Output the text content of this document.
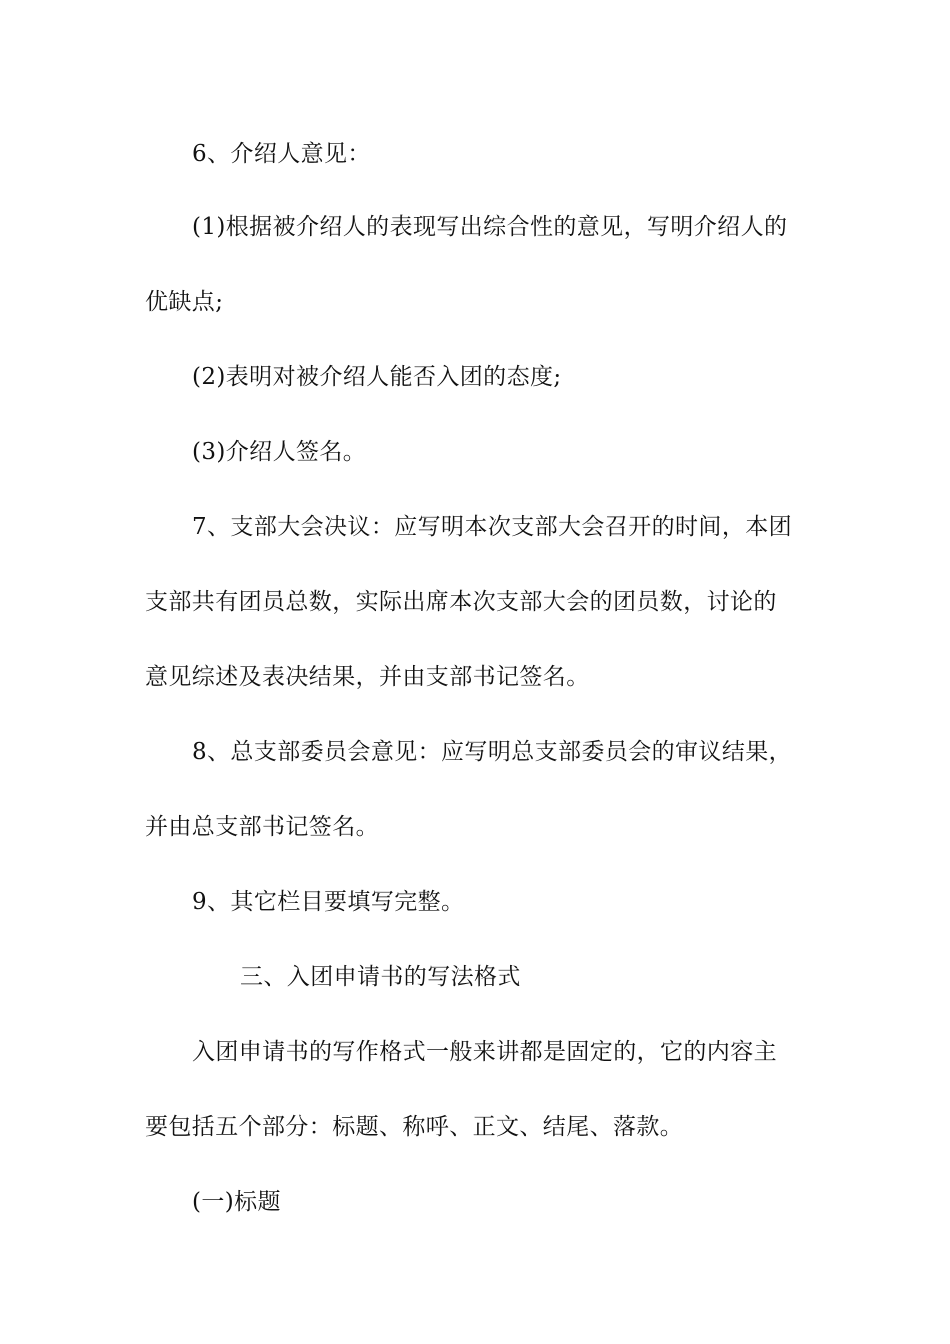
6、介绍人意见：
(1)根据被介绍人的表现写出综合性的意见，写明介绍人的
优缺点;
(2)表明对被介绍人能否入团的态度;
(3)介绍人签名。
7、支部大会决议：应写明本次支部大会召开的时间，本团
支部共有团员总数，实际出席本次支部大会的团员数，讨论的
意见综述及表决结果，并由支部书记签名。
8、总支部委员会意见：应写明总支部委员会的审议结果，
并由总支部书记签名。
9、其它栏目要填写完整。
三、入团申请书的写法格式
入团申请书的写作格式一般来讲都是固定的，它的内容主
要包括五个部分：标题、称呼、正文、结尾、落款。
(一)标题
